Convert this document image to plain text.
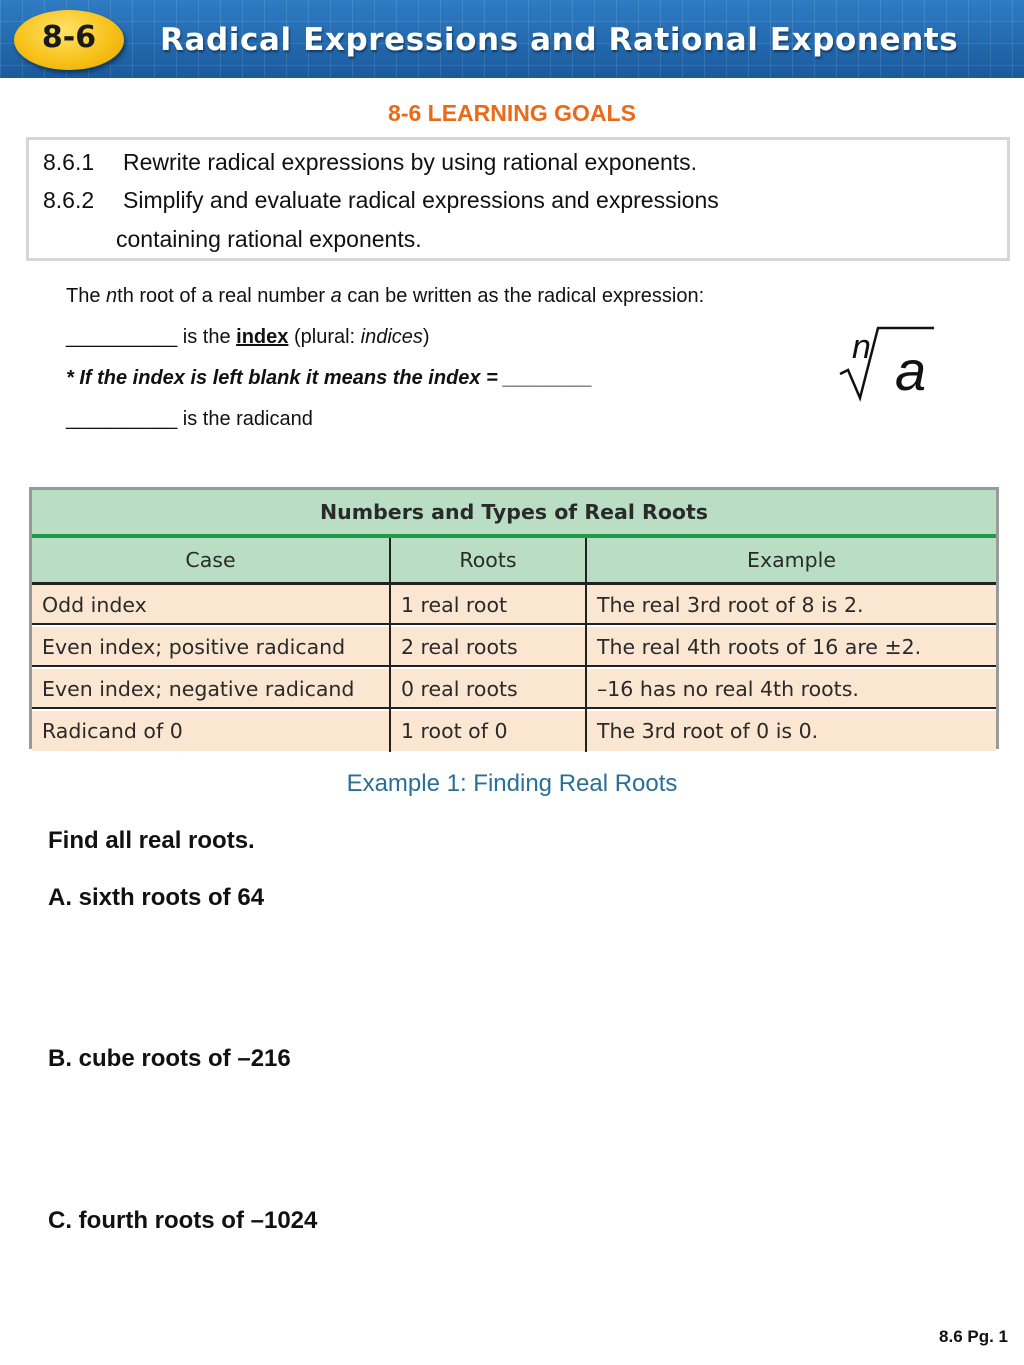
8-6 Radical Expressions and Rational Exponents
8-6 LEARNING GOALS
8.6.1 Rewrite radical expressions by using rational exponents.
8.6.2 Simplify and evaluate radical expressions and expressions
containing rational exponents.
The nth root of a real number a can be written as the radical expression:
__________ is the index (plural: indices)
* If the index is left blank it means the index = ________
__________ is the radicand
n a
Numbers and Types of Real Roots
Case	Roots	Example
Odd index	1 real root	The real 3rd root of 8 is 2.
Even index; positive radicand	2 real roots	The real 4th roots of 16 are ±2.
Even index; negative radicand	0 real roots	–16 has no real 4th roots.
Radicand of 0	1 root of 0	The 3rd root of 0 is 0.
Example 1: Finding Real Roots
Find all real roots.
A. sixth roots of 64
B. cube roots of –216
C. fourth roots of –1024
8.6 Pg. 1
